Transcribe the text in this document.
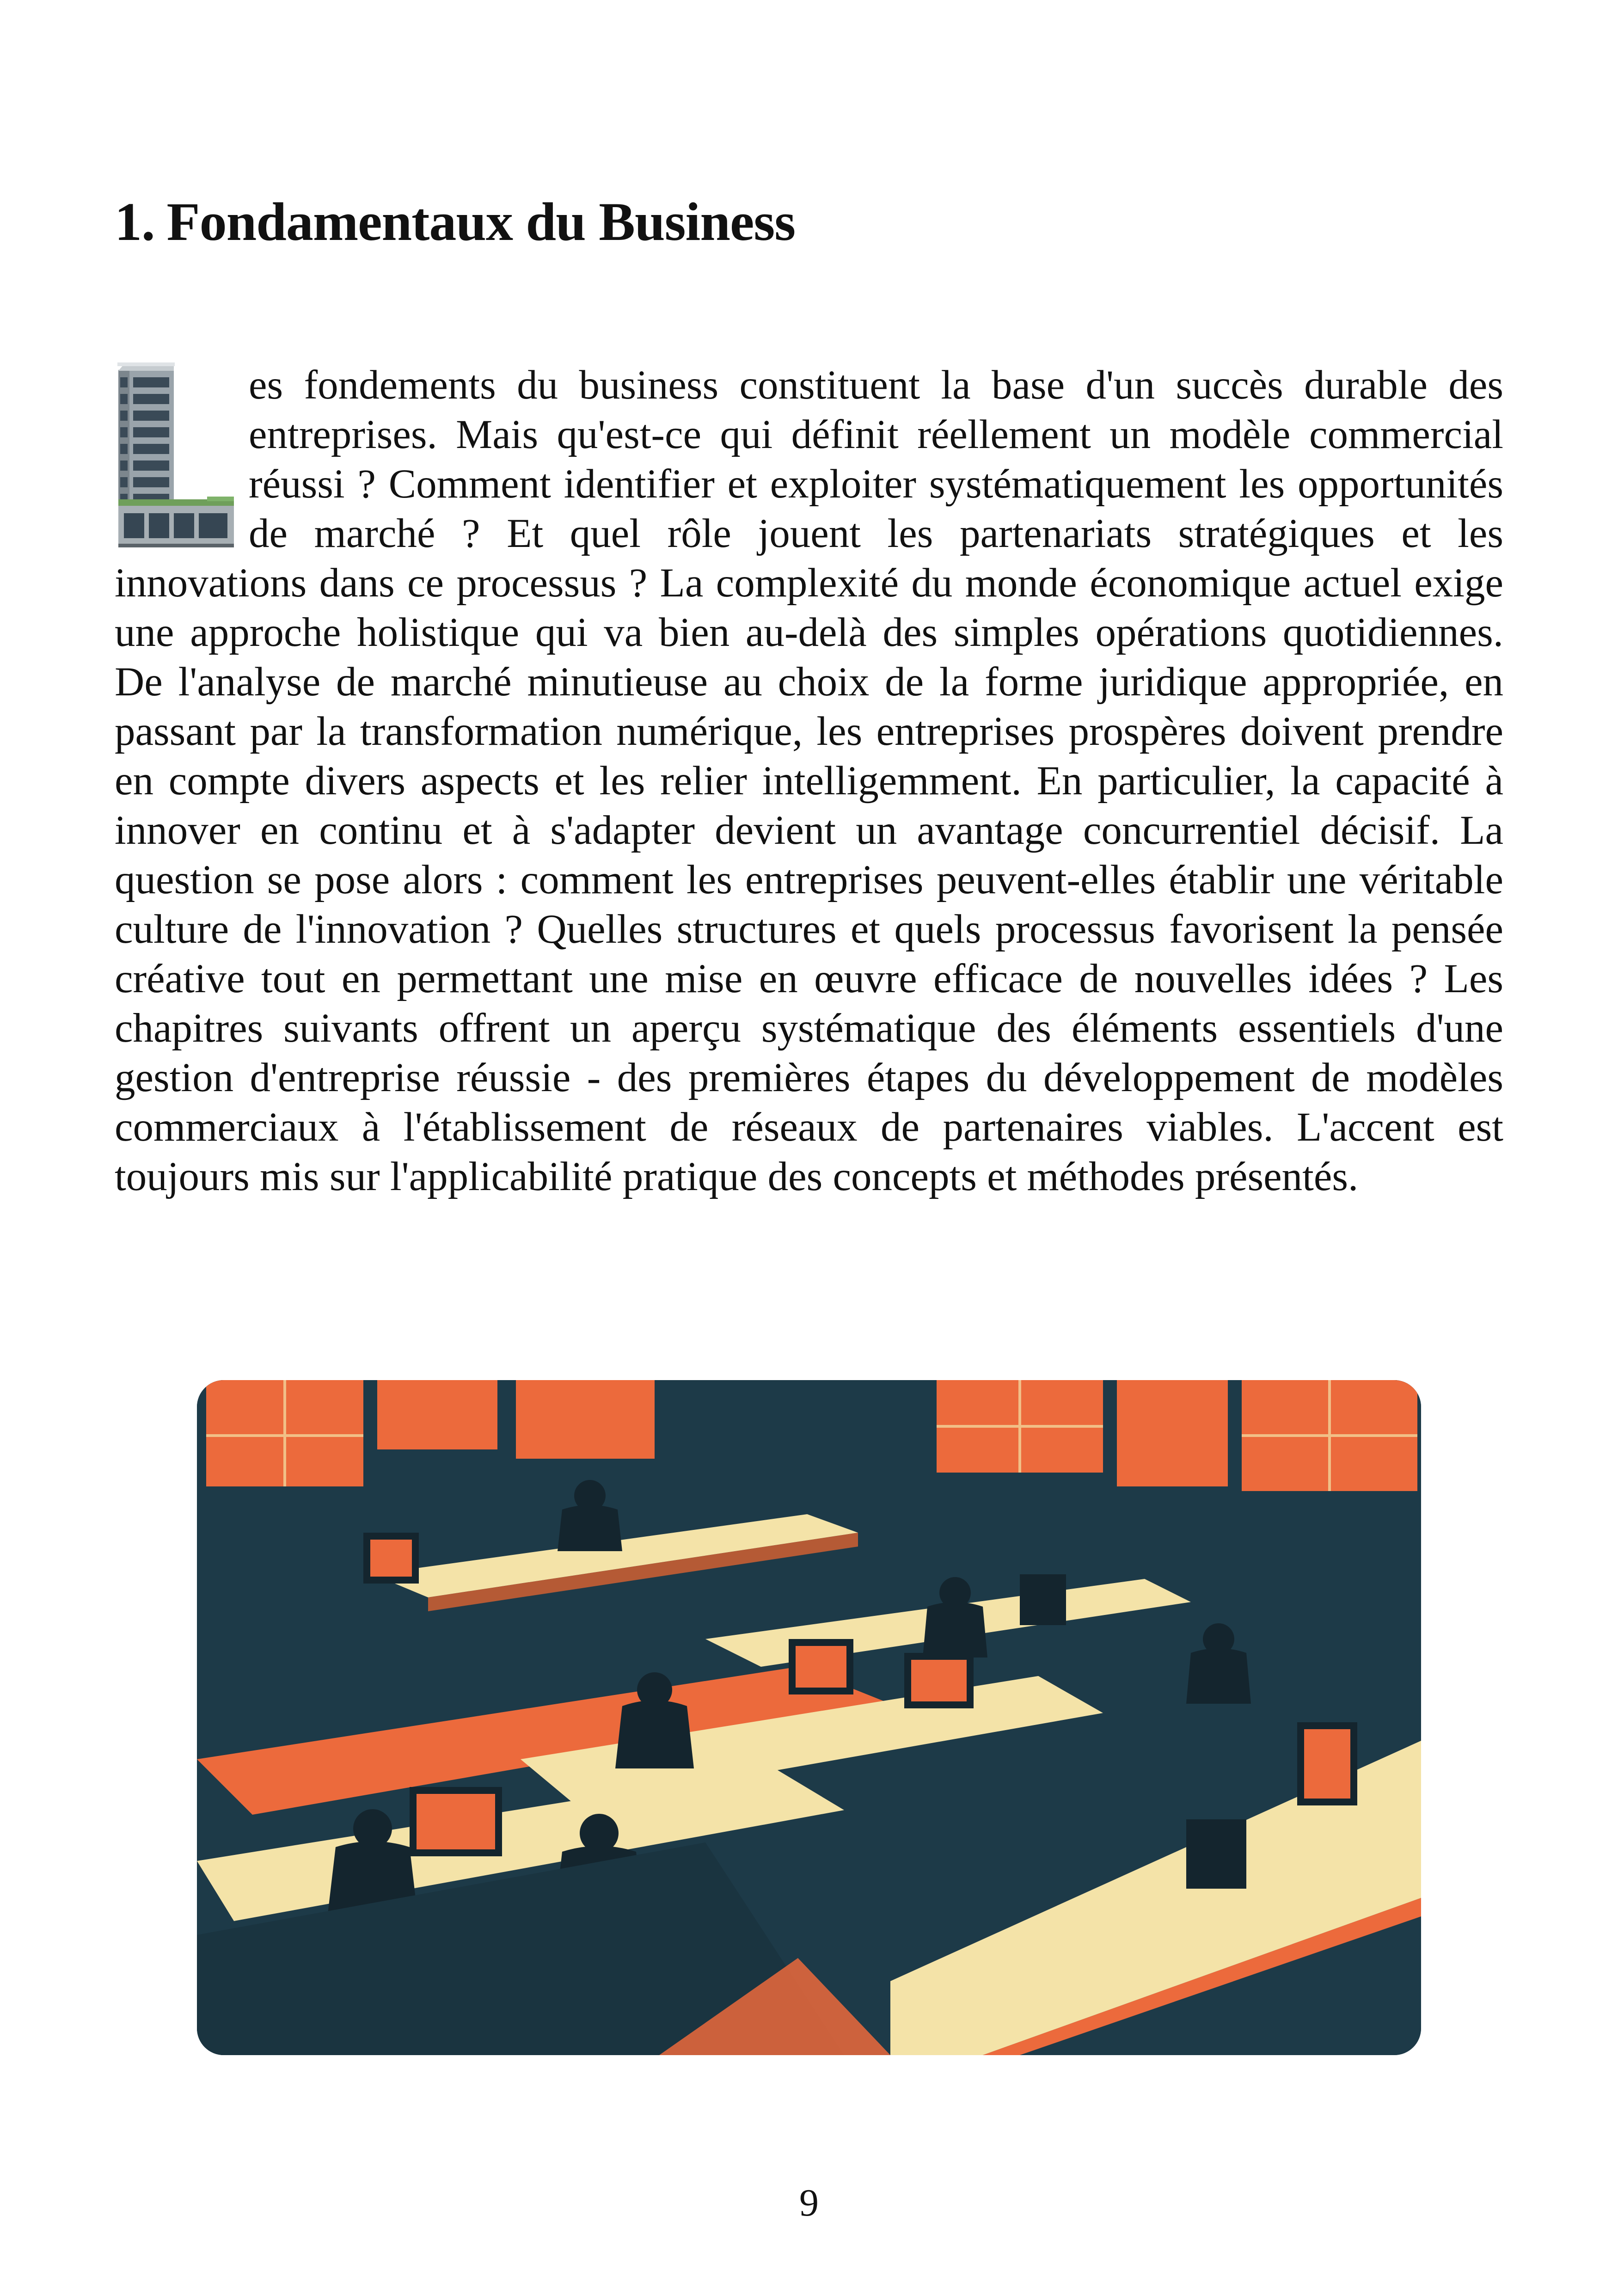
1. Fondamentaux du Business
es fondements du business constituent la base d'un succès durable des entreprises. Mais qu'est-ce qui définit réellement un modèle commercial réussi ? Comment identifier et exploiter systématiquement les opportunités de marché ? Et quel rôle jouent les partenariats stratégiques et les innovations dans ce processus ? La complexité du monde économique actuel exige une approche holistique qui va bien au-delà des simples opérations quotidiennes. De l'analyse de marché minutieuse au choix de la forme juridique appropriée, en passant par la transformation numérique, les entreprises prospères doivent prendre en compte divers aspects et les relier intelligemment. En particulier, la capacité à innover en continu et à s'adapter devient un avantage concurrentiel décisif. La question se pose alors : comment les entreprises peuvent-elles établir une véritable culture de l'innovation ? Quelles structures et quels processus favorisent la pensée créative tout en permettant une mise en œuvre efficace de nouvelles idées ? Les chapitres suivants offrent un aperçu systématique des éléments essentiels d'une gestion d'entreprise réussie - des premières étapes du développement de modèles commerciaux à l'établissement de réseaux de partenaires viables. L'accent est toujours mis sur l'applicabilité pratique des concepts et méthodes présentés.
9
